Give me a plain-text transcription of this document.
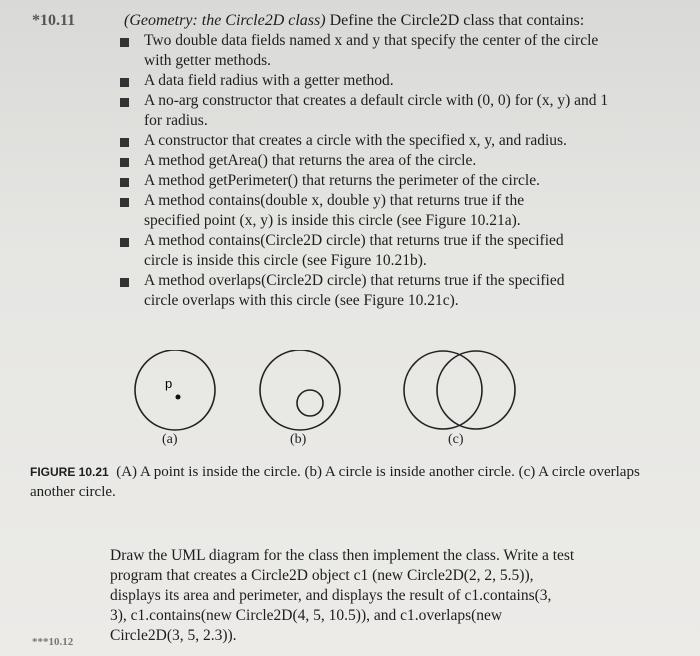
*10.11	(Geometry: the Circle2D class) Define the Circle2D class that contains:
Two double data fields named x and y that specify the center of the circle
with getter methods.
A data field radius with a getter method.
A no-arg constructor that creates a default circle with (0, 0) for (x, y) and 1
for radius.
A constructor that creates a circle with the specified x, y, and radius.
A method getArea() that returns the area of the circle.
A method getPerimeter() that returns the perimeter of the circle.
A method contains(double x, double y) that returns true if the
specified point (x, y) is inside this circle (see Figure 10.21a).
A method contains(Circle2D circle) that returns true if the specified
circle is inside this circle (see Figure 10.21b).
A method overlaps(Circle2D circle) that returns true if the specified
circle overlaps with this circle (see Figure 10.21c).
p
(a)	(b)	(c)
FIGURE 10.21 (A) A point is inside the circle. (b) A circle is inside another circle. (c) A circle overlaps another circle.
Draw the UML diagram for the class then implement the class. Write a test
program that creates a Circle2D object c1 (new Circle2D(2, 2, 5.5)),
displays its area and perimeter, and displays the result of c1.contains(3,
3), c1.contains(new Circle2D(4, 5, 10.5)), and c1.overlaps(new
Circle2D(3, 5, 2.3)).
***10.12
